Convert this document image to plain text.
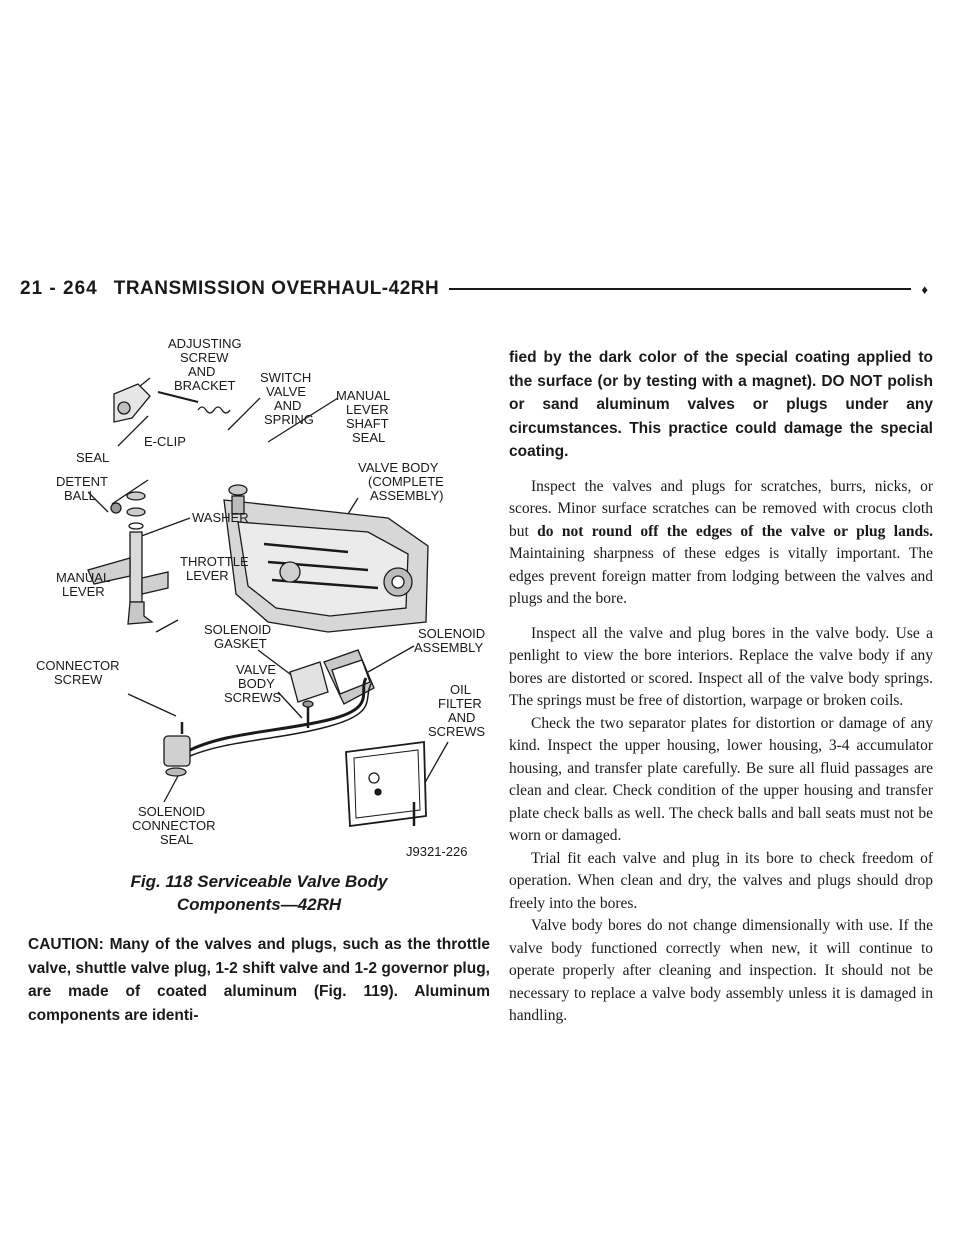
21 - 264 TRANSMISSION OVERHAUL-42RH	♦
ADJUSTING
SCREW
AND
BRACKET
SWITCH
VALVE
AND
SPRING
MANUAL
LEVER
SHAFT
SEAL
E-CLIP
SEAL
DETENT
BALL
WASHER
VALVE BODY
(COMPLETE
ASSEMBLY)
THROTTLE
LEVER
MANUAL
LEVER
SOLENOID
GASKET
SOLENOID
ASSEMBLY
CONNECTOR
SCREW
VALVE
BODY
SCREWS
OIL
FILTER
AND
SCREWS
SOLENOID
CONNECTOR
SEAL
J9321-226
Fig. 118 Serviceable Valve Body
Components—42RH
CAUTION: Many of the valves and plugs, such as the throttle valve, shuttle valve plug, 1-2 shift valve and 1-2 governor plug, are made of coated aluminum (Fig. 119). Aluminum components are identi-

fied by the dark color of the special coating applied to the surface (or by testing with a magnet). DO NOT polish or sand aluminum valves or plugs under any circumstances. This practice could damage the special coating.

Inspect the valves and plugs for scratches, burrs, nicks, or scores. Minor surface scratches can be removed with crocus cloth but do not round off the edges of the valve or plug lands. Maintaining sharpness of these edges is vitally important. The edges prevent foreign matter from lodging between the valves and plugs and the bore.

Inspect all the valve and plug bores in the valve body. Use a penlight to view the bore interiors. Replace the valve body if any bores are distorted or scored. Inspect all of the valve body springs. The springs must be free of distortion, warpage or broken coils.

Check the two separator plates for distortion or damage of any kind. Inspect the upper housing, lower housing, 3-4 accumulator housing, and transfer plate carefully. Be sure all fluid passages are clean and clear. Check condition of the upper housing and transfer plate check balls as well. The check balls and ball seats must not be worn or damaged.

Trial fit each valve and plug in its bore to check freedom of operation. When clean and dry, the valves and plugs should drop freely into the bores.

Valve body bores do not change dimensionally with use. If the valve body functioned correctly when new, it will continue to operate properly after cleaning and inspection. It should not be necessary to replace a valve body assembly unless it is damaged in handling.
